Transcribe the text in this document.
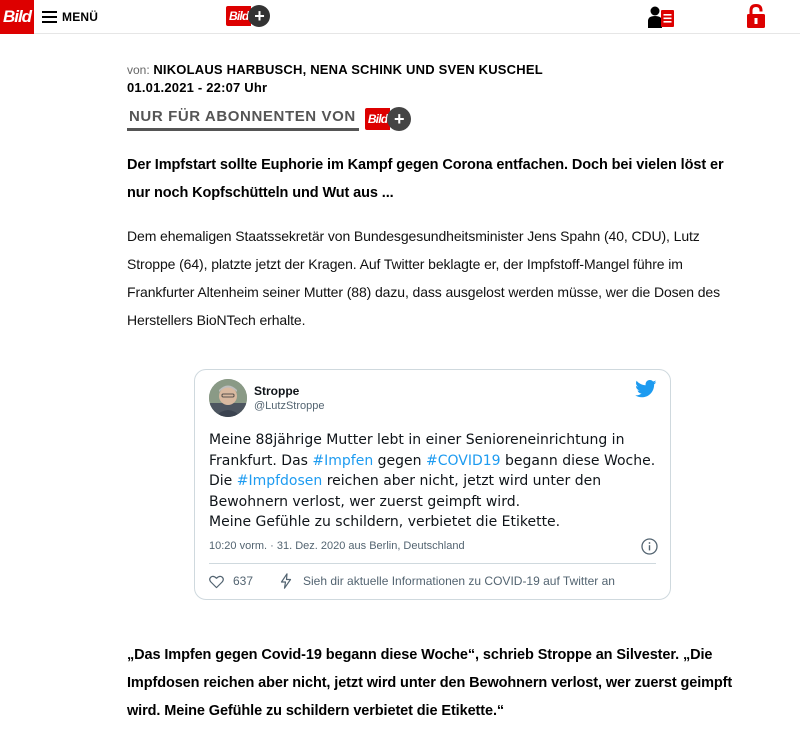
Bild	MENÜ	Bild +
von: NIKOLAUS HARBUSCH, NENA SCHINK UND SVEN KUSCHEL
01.01.2021 - 22:07 Uhr
NUR FÜR ABONNENTEN VON Bild +

Der Impfstart sollte Euphorie im Kampf gegen Corona entfachen. Doch bei vielen löst er nur noch Kopfschütteln und Wut aus ...

Dem ehemaligen Staatssekretär von Bundesgesundheitsminister Jens Spahn (40, CDU), Lutz Stroppe (64), platzte jetzt der Kragen. Auf Twitter beklagte er, der Impfstoff-Mangel führe im Frankfurter Altenheim seiner Mutter (88) dazu, dass ausgelost werden müsse, wer die Dosen des Herstellers BioNTech erhalte.

Stroppe
@LutzStroppe
Meine 88jährige Mutter lebt in einer Senioreneinrichtung in Frankfurt. Das #Impfen gegen #COVID19 begann diese Woche. Die #Impfdosen reichen aber nicht, jetzt wird unter den Bewohnern verlost, wer zuerst geimpft wird.
Meine Gefühle zu schildern, verbietet die Etikette.
10:20 vorm. · 31. Dez. 2020 aus Berlin, Deutschland
637	Sieh dir aktuelle Informationen zu COVID-19 auf Twitter an

„Das Impfen gegen Covid-19 begann diese Woche“, schrieb Stroppe an Silvester. „Die Impfdosen reichen aber nicht, jetzt wird unter den Bewohnern verlost, wer zuerst geimpft wird. Meine Gefühle zu schildern verbietet die Etikette.“
